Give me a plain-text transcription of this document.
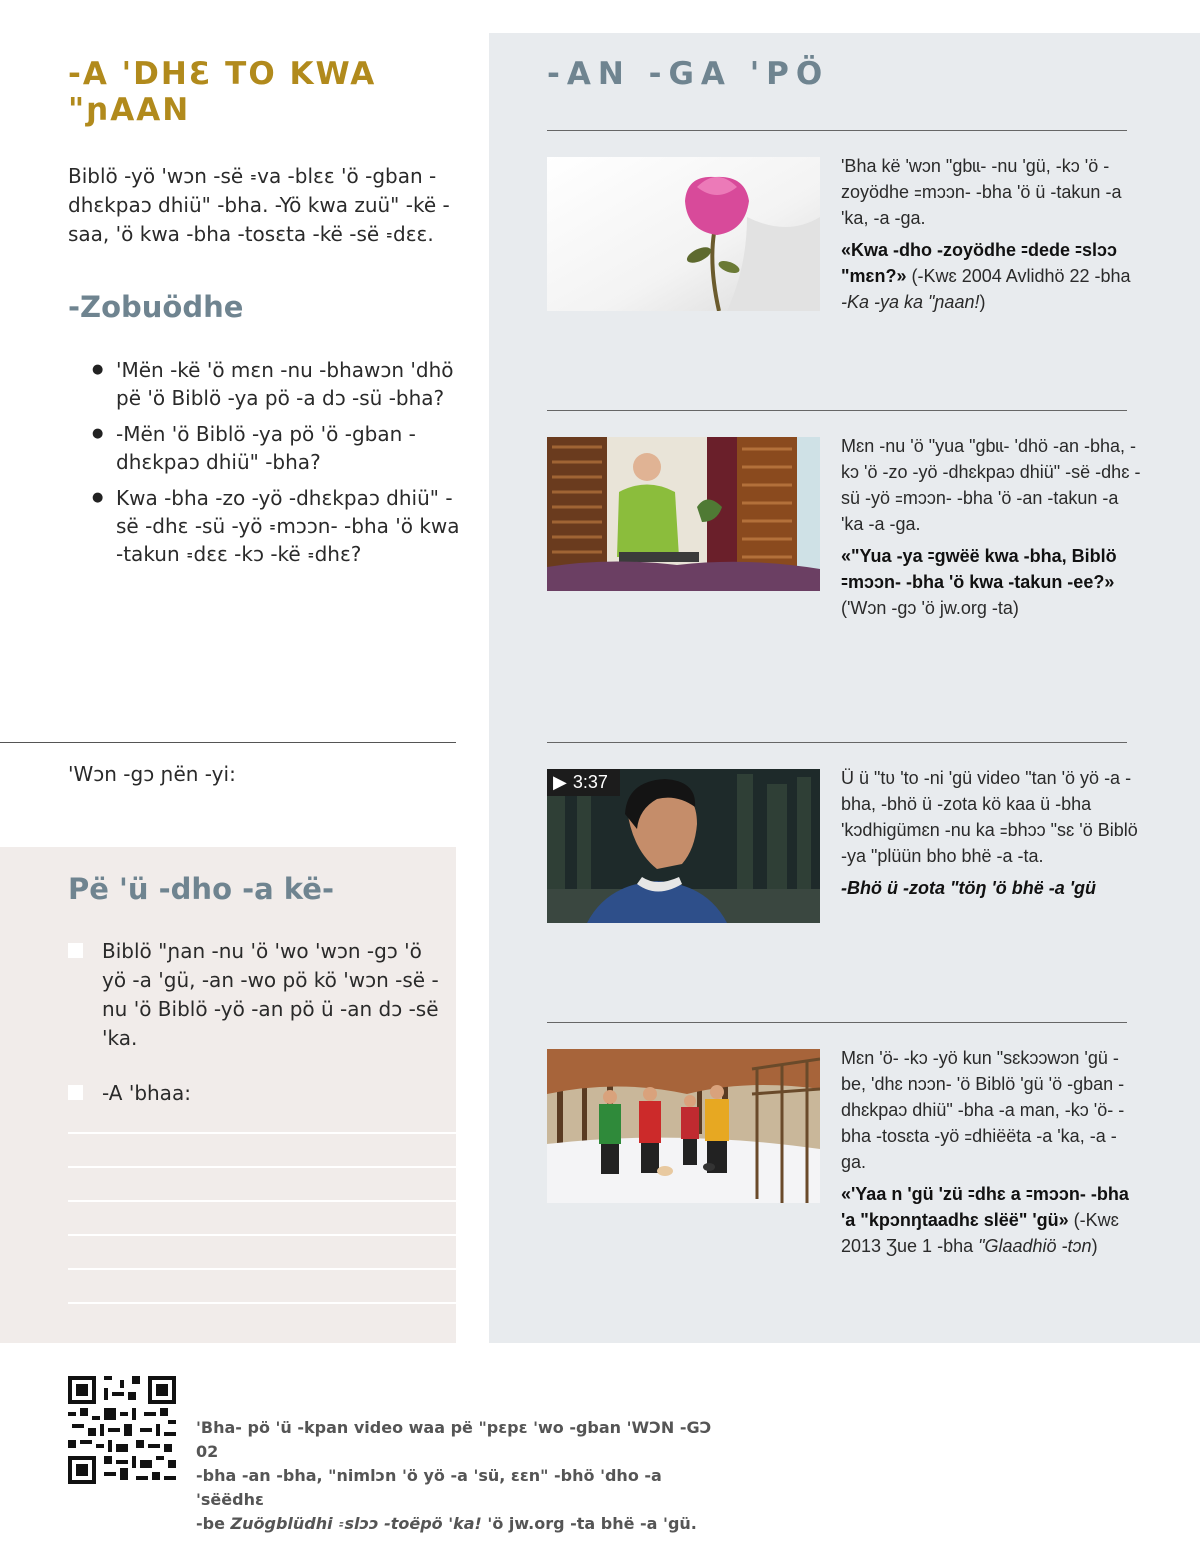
-A 'DHƐ TO KWA "ɲAAN
Biblö -yö 'wɔn -së ꞊va -blɛɛ 'ö -gban -dhɛkpaɔ dhiü" -bha. -Yö kwa zuü" -kë -saa, 'ö kwa -bha -tosɛta -kë -së ꞊dɛɛ.
-Zobuödhe
● 'Mën -kë 'ö mɛn -nu -bhawɔn 'dhö pë 'ö Biblö -ya pö -a dɔ -sü -bha?
● -Mën 'ö Biblö -ya pö 'ö -gban -dhɛkpaɔ dhiü" -bha?
● Kwa -bha -zo -yö -dhɛkpaɔ dhiü" -së -dhɛ -sü -yö ꞊mɔɔn- -bha 'ö kwa -takun ꞊dɛɛ -kɔ -kë ꞊dhɛ?
'Wɔn -gɔ ɲën -yi:
Pë 'ü -dho -a kë-
Biblö "ɲan -nu 'ö 'wo 'wɔn -gɔ 'ö yö -a 'gü, -an -wo pö kö 'wɔn -së -nu 'ö Biblö -yö -an pö ü -an dɔ -së 'ka.
-A 'bhaa:
-AN -GA 'PÖ

'Bha kë 'wɔn "gbɩɩ- -nu 'gü, -kɔ 'ö -zoyödhe ꞊mɔɔn- -bha 'ö ü -takun -a 'ka, -a -ga.

«Kwa -dho -zoyödhe ꞊dede ꞊slɔɔ "mɛn?» (-Kwɛ 2004 Avlidhö 22 -bha -Ka -ya ka "ɲaan!)

Mɛn -nu 'ö "yua "gbɩɩ- 'dhö -an -bha, -kɔ 'ö -zo -yö -dhɛkpaɔ dhiü" -së -dhɛ -sü -yö ꞊mɔɔn- -bha 'ö -an -takun -a 'ka -a -ga.

«"Yua -ya ꞊gwëë kwa -bha, Biblö ꞊mɔɔn- -bha 'ö kwa -takun -ee?» ('Wɔn -gɔ 'ö jw.org -ta)

▶ 3:37	Ü ü "tʋ 'to -ni 'gü video "tan 'ö yö -a -bha, -bhö ü -zota kö kaa ü -bha 'kɔdhigümɛn -nu ka ꞊bhɔɔ "sɛ 'ö Biblö -ya "plüün bho bhë -a -ta.

-Bhö ü -zota "töŋ 'ö bhë -a 'gü

Mɛn 'ö- -kɔ -yö kun "sɛkɔɔwɔn 'gü -be, 'dhɛ nɔɔn- 'ö Biblö 'gü 'ö -gban -dhɛkpaɔ dhiü" -bha -a man, -kɔ 'ö- -bha -tosɛta -yö ꞊dhiëëta -a 'ka, -a -ga.

«'Yaa n 'gü 'zü ꞊dhɛ a ꞊mɔɔn- -bha 'a "kpɔnŋtaadhɛ slëë" 'gü» (-Kwɛ 2013 Ʒue 1 -bha "Glaadhiö -tɔn)

'Bha- pö 'ü -kpan video waa pë "pɛpɛ 'wo -gban 'WƆN -GƆ 02
-bha -an -bha, "nimlɔn 'ö yö -a 'sü, ɛɛn" -bhö 'dho -a 'sëëdhɛ
-be Zuögblüdhi ꞊slɔɔ -toëpö 'ka! 'ö jw.org -ta bhë -a 'gü.
